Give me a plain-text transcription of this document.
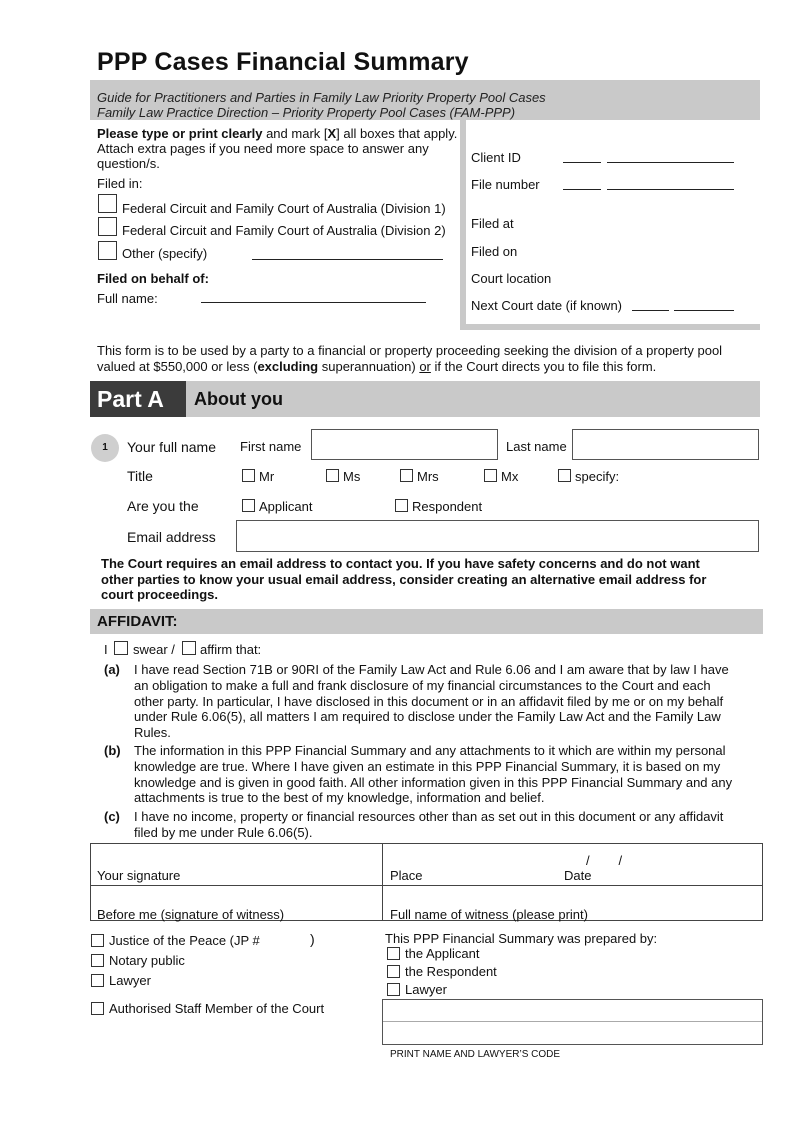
PPP Cases Financial Summary
Guide for Practitioners and Parties in Family Law Priority Property Pool Cases
Family Law Practice Direction – Priority Property Pool Cases (FAM-PPP)
Please type or print clearly and mark [X] all boxes that apply. Attach extra pages if you need more space to answer any question/s.
Filed in:
Federal Circuit and Family Court of Australia (Division 1)
Federal Circuit and Family Court of Australia (Division 2)
Other (specify)
Filed on behalf of:
Full name:
Client ID
File number
Filed at
Filed on
Court location
Next Court date (if known)
This form is to be used by a party to a financial or property proceeding seeking the division of a property pool
valued at $550,000 or less (excluding superannuation) or if the Court directs you to file this form.
Part A	About you
1	Your full name First name	Last name
Title	Mr	Ms	Mrs	Mx	specify:
Are you the	Applicant	Respondent
Email address
The Court requires an email address to contact you. If you have safety concerns and do not want
other parties to know your usual email address, consider creating an alternative email address for
court proceedings.
AFFIDAVIT:
I swear / affirm that:
(a) I have read Section 71B or 90RI of the Family Law Act and Rule 6.06 and I am aware that by law I have
an obligation to make a full and frank disclosure of my financial circumstances to the Court and each
other party. In particular, I have disclosed in this document or in an affidavit filed by me or on my behalf
under Rule 6.06(5), all matters I am required to disclose under the Family Law Act and the Family Law
Rules.
(b) The information in this PPP Financial Summary and any attachments to it which are within my personal
knowledge are true. Where I have given an estimate in this PPP Financial Summary, it is based on my
knowledge and is given in good faith. All other information given in this PPP Financial Summary and any
attachments is true to the best of my knowledge, information and belief.
(c) I have no income, property or financial resources other than as set out in this document or any affidavit
filed by me under Rule 6.06(5).
Your signature	Place
/        /
Date
Before me (signature of witness)	Full name of witness (please print)
Justice of the Peace (JP #	)
Notary public
Lawyer
Authorised Staff Member of the Court
This PPP Financial Summary was prepared by:
the Applicant
the Respondent
Lawyer
PRINT NAME AND LAWYER’S CODE
